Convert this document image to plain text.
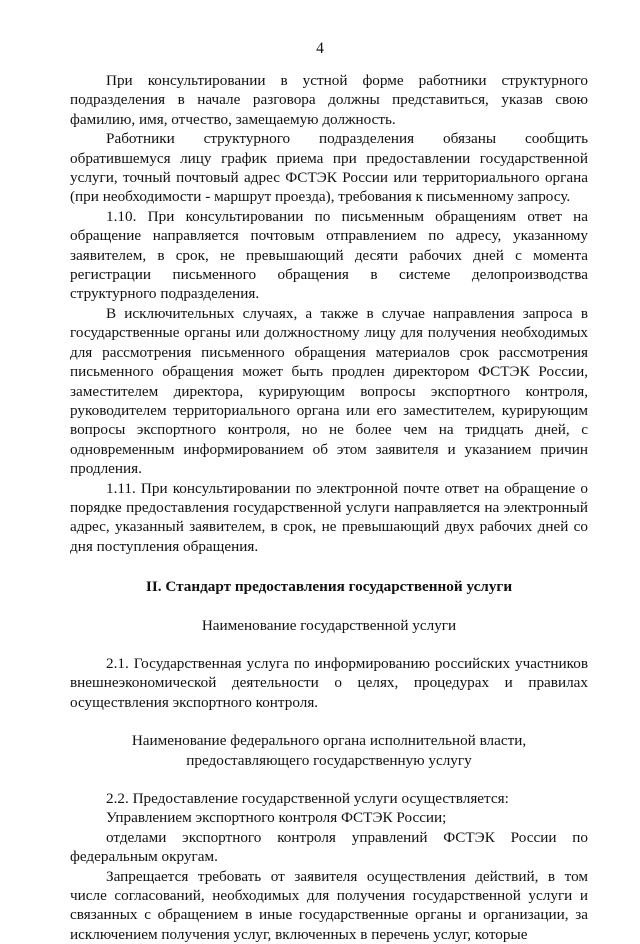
4

При консультировании в устной форме работники структурного подразделения в начале разговора должны представиться, указав свою фамилию, имя, отчество, замещаемую должность.

Работники структурного подразделения обязаны сообщить обратившемуся лицу график приема при предоставлении государственной услуги, точный почтовый адрес ФСТЭК России или территориального органа (при необходимости - маршрут проезда), требования к письменному запросу.

1.10. При консультировании по письменным обращениям ответ на обращение направляется почтовым отправлением по адресу, указанному заявителем, в срок, не превышающий десяти рабочих дней с момента регистрации письменного обращения в системе делопроизводства структурного подразделения.

В исключительных случаях, а также в случае направления запроса в государственные органы или должностному лицу для получения необходимых для рассмотрения письменного обращения материалов срок рассмотрения письменного обращения может быть продлен директором ФСТЭК России, заместителем директора, курирующим вопросы экспортного контроля, руководителем территориального органа или его заместителем, курирующим вопросы экспортного контроля, но не более чем на тридцать дней, с одновременным информированием об этом заявителя и указанием причин продления.

1.11. При консультировании по электронной почте ответ на обращение о порядке предоставления государственной услуги направляется на электронный адрес, указанный заявителем, в срок, не превышающий двух рабочих дней со дня поступления обращения.

II. Стандарт предоставления государственной услуги

Наименование государственной услуги

2.1. Государственная услуга по информированию российских участников внешнеэкономической деятельности о целях, процедурах и правилах осуществления экспортного контроля.

Наименование федерального органа исполнительной власти,

предоставляющего государственную услугу

2.2. Предоставление государственной услуги осуществляется:

Управлением экспортного контроля ФСТЭК России;

отделами экспортного контроля управлений ФСТЭК России по федеральным округам.

Запрещается требовать от заявителя осуществления действий, в том числе согласований, необходимых для получения государственной услуги и связанных с обращением в иные государственные органы и организации, за исключением получения услуг, включенных в перечень услуг, которые
